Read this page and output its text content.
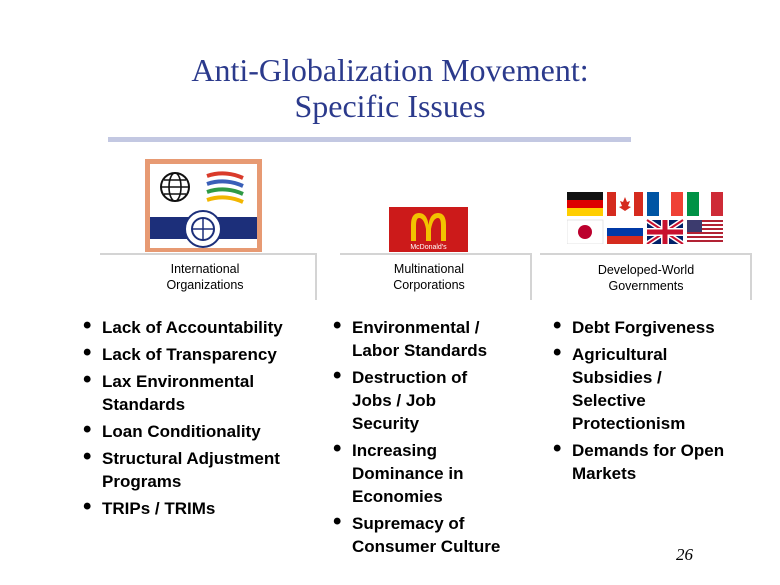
Anti-Globalization Movement:
Specific Issues
McDonald's
International
Organizations
Multinational
Corporations
Developed-World
Governments
• Lack of Accountability
• Lack of Transparency
• Lax Environmental Standards
• Loan Conditionality
• Structural Adjustment Programs
• TRIPs / TRIMs
• Environmental / Labor Standards
• Destruction of Jobs / Job Security
• Increasing Dominance in Economies
• Supremacy of Consumer Culture
• Debt Forgiveness
• Agricultural Subsidies / Selective Protectionism
• Demands for Open Markets
26
